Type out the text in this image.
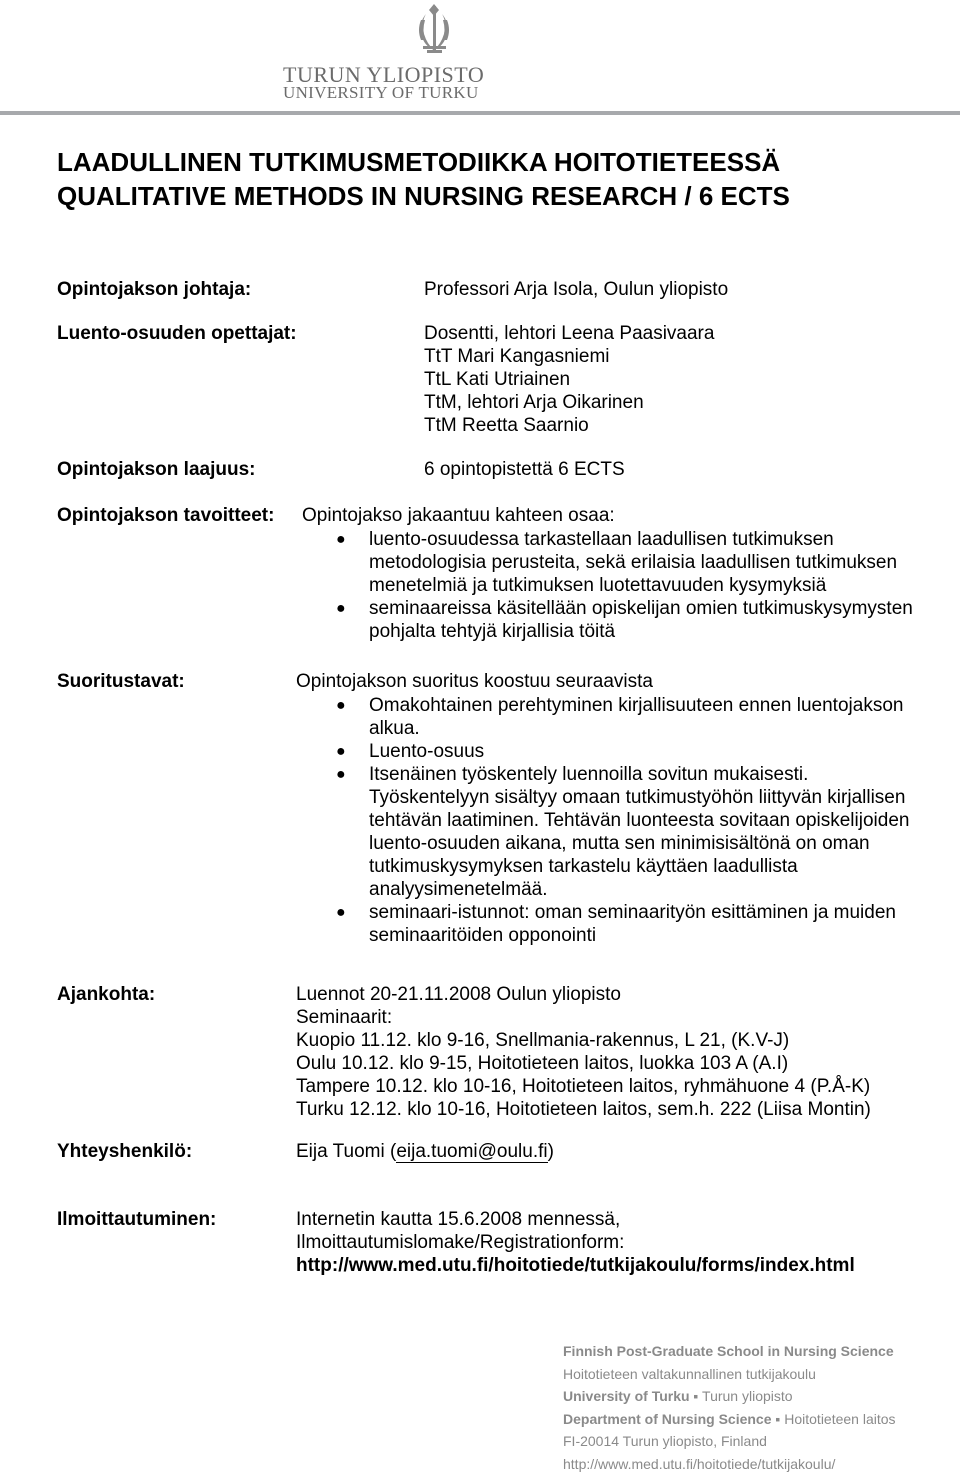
TURUN YLIOPISTO
UNIVERSITY OF TURKU
LAADULLINEN TUTKIMUSMETODIIKKA HOITOTIETEESSÄ
QUALITATIVE METHODS IN NURSING RESEARCH / 6 ECTS
Opintojakson johtaja:	Professori Arja Isola, Oulun yliopisto
Luento-osuuden opettajat:	Dosentti, lehtori Leena Paasivaara
TtT Mari Kangasniemi
TtL Kati Utriainen
TtM, lehtori Arja Oikarinen
TtM Reetta Saarnio
Opintojakson laajuus:	6 opintopistettä 6 ECTS
Opintojakson tavoitteet: Opintojakso jakaantuu kahteen osaa:
● luento-osuudessa tarkastellaan laadullisen tutkimuksen
metodologisia perusteita, sekä erilaisia laadullisen tutkimuksen
menetelmiä ja tutkimuksen luotettavuuden kysymyksiä
● seminaareissa käsitellään opiskelijan omien tutkimuskysymysten
pohjalta tehtyjä kirjallisia töitä
Suoritustavat:	Opintojakson suoritus koostuu seuraavista
● Omakohtainen perehtyminen kirjallisuuteen ennen luentojakson
alkua.
● Luento-osuus
● Itsenäinen työskentely luennoilla sovitun mukaisesti.
Työskentelyyn sisältyy omaan tutkimustyöhön liittyvän kirjallisen
tehtävän laatiminen. Tehtävän luonteesta sovitaan opiskelijoiden
luento-osuuden aikana, mutta sen minimisisältönä on oman
tutkimuskysymyksen tarkastelu käyttäen laadullista
analyysimenetelmää.
● seminaari-istunnot: oman seminaarityön esittäminen ja muiden
seminaaritöiden opponointi
Ajankohta:	Luennot 20-21.11.2008 Oulun yliopisto
Seminaarit:
Kuopio 11.12. klo 9-16, Snellmania-rakennus, L 21, (K.V-J)
Oulu 10.12. klo 9-15, Hoitotieteen laitos, luokka 103 A (A.I)
Tampere 10.12. klo 10-16, Hoitotieteen laitos, ryhmähuone 4 (P.Å-K)
Turku 12.12. klo 10-16, Hoitotieteen laitos, sem.h. 222 (Liisa Montin)
Yhteyshenkilö:	Eija Tuomi (eija.tuomi@oulu.fi)
Ilmoittautuminen:	Internetin kautta 15.6.2008 mennessä,
Ilmoittautumislomake/Registrationform:
http://www.med.utu.fi/hoitotiede/tutkijakoulu/forms/index.html
Finnish Post-Graduate School in Nursing Science
Hoitotieteen valtakunnallinen tutkijakoulu
University of Turku ▪ Turun yliopisto
Department of Nursing Science ▪ Hoitotieteen laitos
FI-20014 Turun yliopisto, Finland
http://www.med.utu.fi/hoitotiede/tutkijakoulu/
